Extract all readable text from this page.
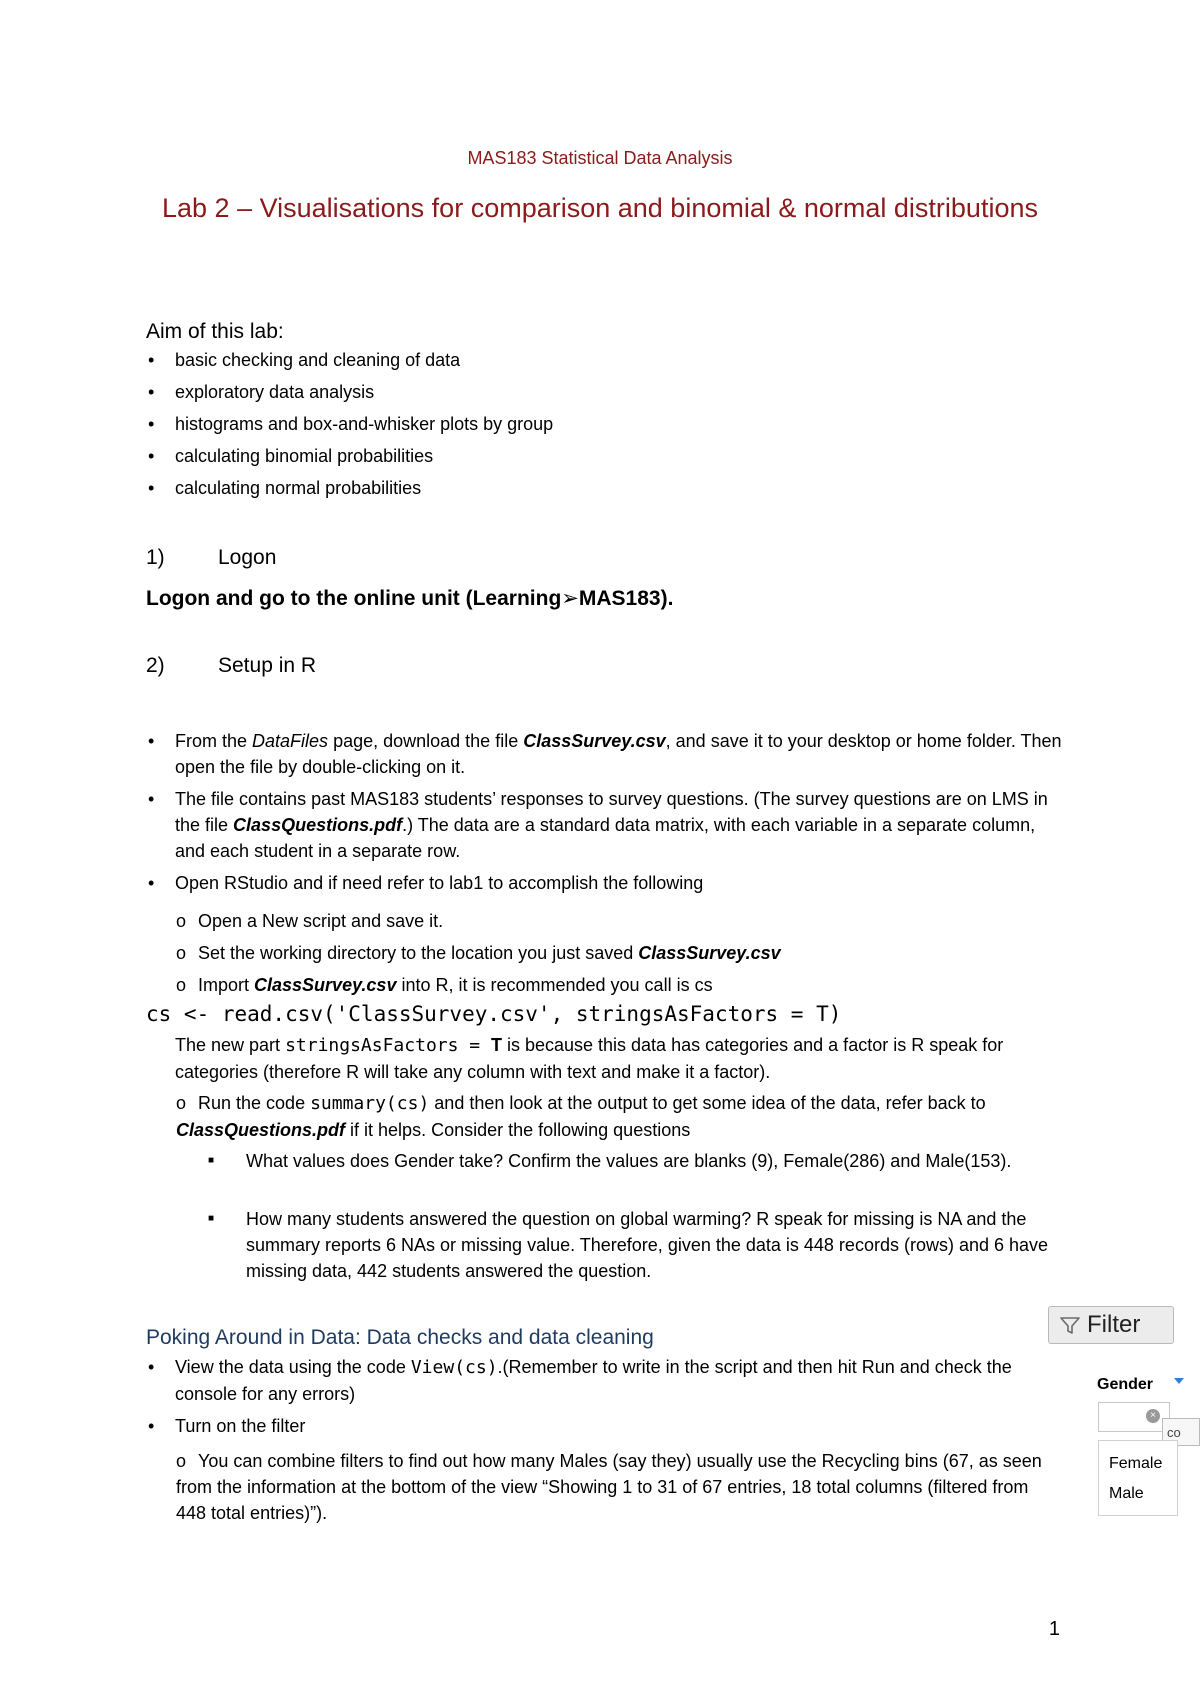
MAS183 Statistical Data Analysis
Lab 2 – Visualisations for comparison and binomial & normal distributions
Aim of this lab:
• basic checking and cleaning of data
• exploratory data analysis
• histograms and box-and-whisker plots by group
• calculating binomial probabilities
• calculating normal probabilities
1)	Logon
Logon and go to the online unit (Learning➢MAS183).
2)	Setup in R
• From the DataFiles page, download the file ClassSurvey.csv, and save it to your desktop or home folder. Then open the file by double-clicking on it.
• The file contains past MAS183 students’ responses to survey questions. (The survey questions are on LMS in the file ClassQuestions.pdf.) The data are a standard data matrix, with each variable in a separate column, and each student in a separate row.
• Open RStudio and if need refer to lab1 to accomplish the following
o Open a New script and save it.
o Set the working directory to the location you just saved ClassSurvey.csv
o Import ClassSurvey.csv into R, it is recommended you call is cs
cs <- read.csv('ClassSurvey.csv', stringsAsFactors = T)
The new part stringsAsFactors = T is because this data has categories and a factor is R speak for categories (therefore R will take any column with text and make it a factor).
o Run the code summary(cs) and then look at the output to get some idea of the data, refer back to ClassQuestions.pdf if it helps. Consider the following questions
■	What values does Gender take? Confirm the values are blanks (9), Female(286) and Male(153).
■	How many students answered the question on global warming? R speak for missing is NA and the summary reports 6 NAs or missing value. Therefore, given the data is 448 records (rows) and 6 have missing data, 442 students answered the question.
Poking Around in Data: Data checks and data cleaning
• View the data using the code View(cs).(Remember to write in the script and then hit Run and check the console for any errors)
• Turn on the filter
o You can combine filters to find out how many Males (say they) usually use the Recycling bins (67, as seen from the information at the bottom of the view “Showing 1 to 31 of 67 entries, 18 total columns (filtered from 448 total entries)”).
Filter
Gender
×
co
Female
Male
1
